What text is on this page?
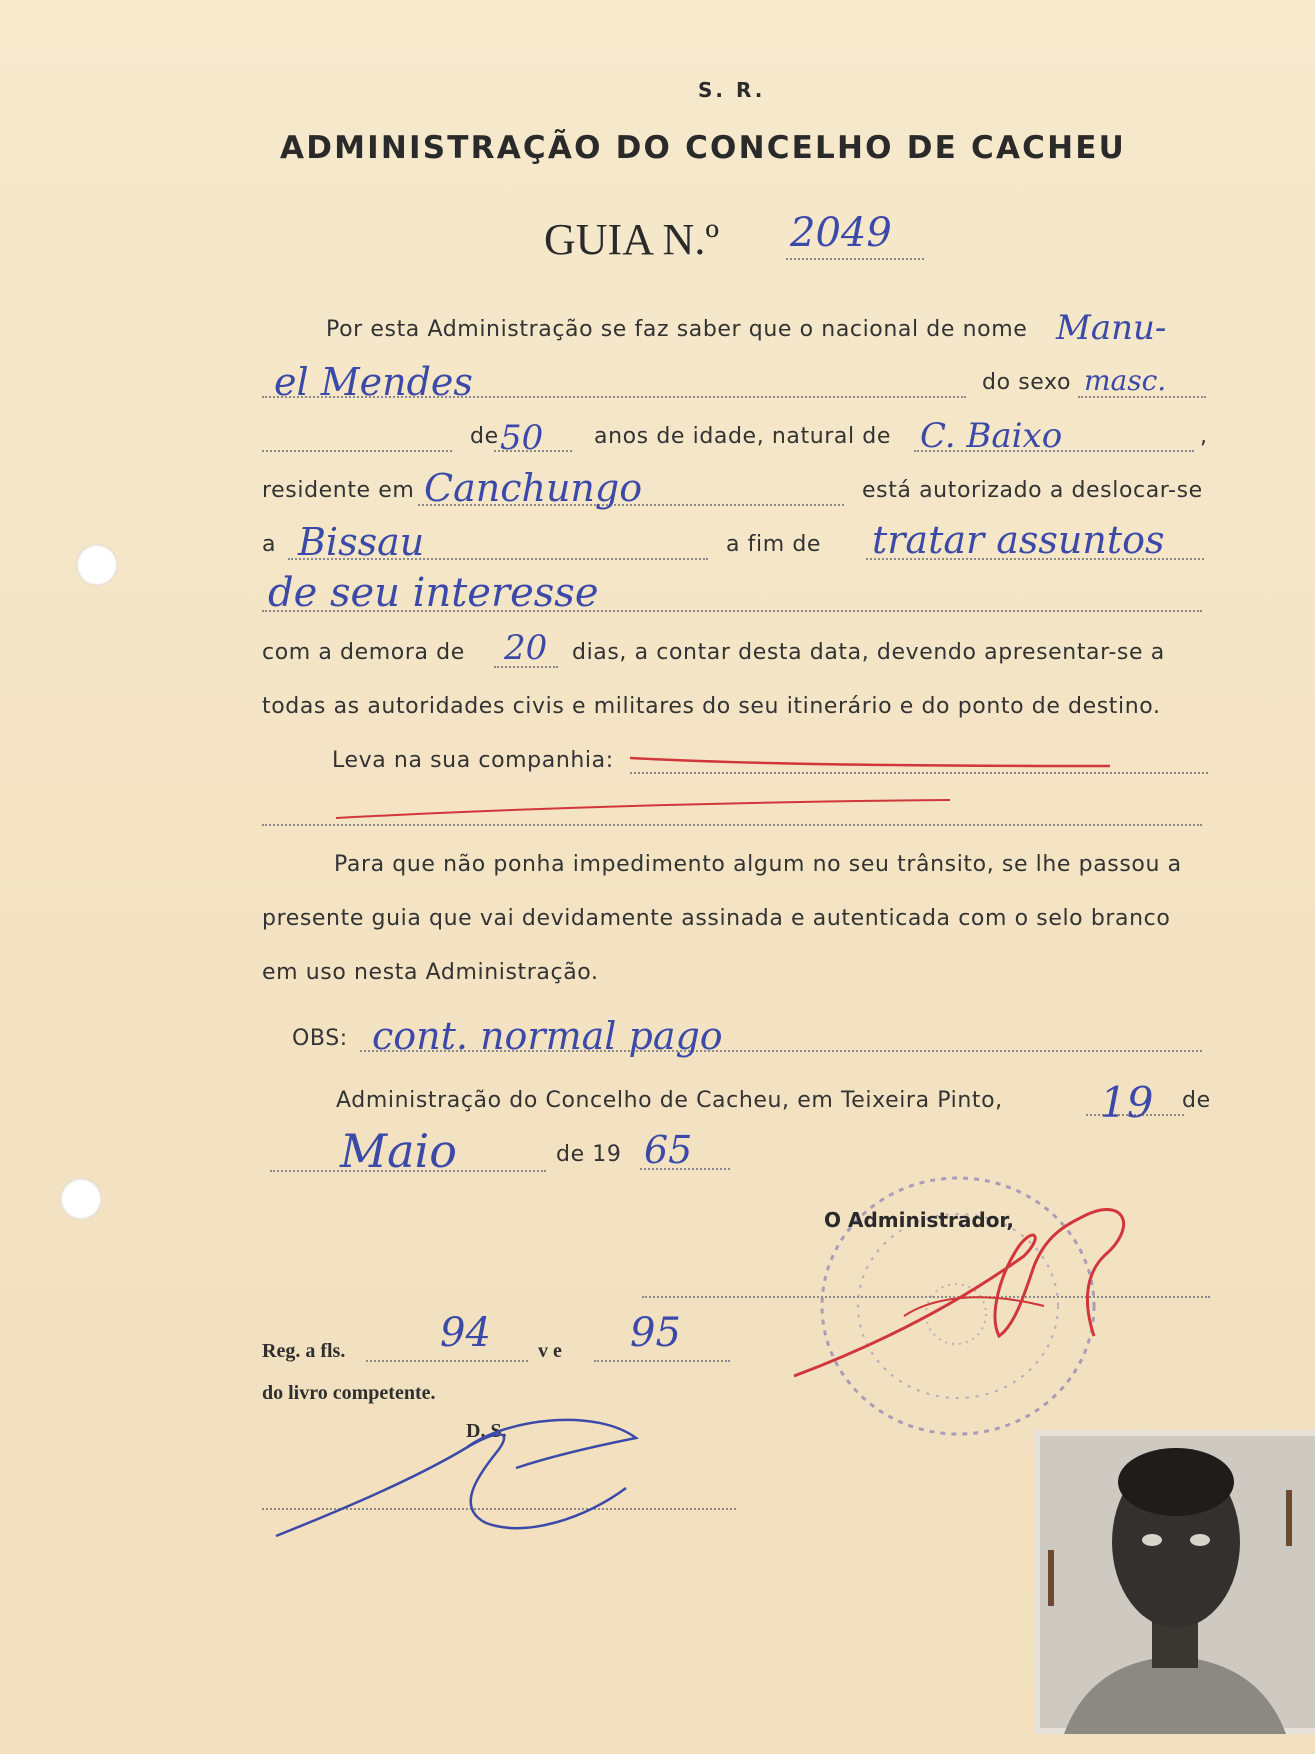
S. R.
ADMINISTRAÇÃO DO CONCELHO DE CACHEU
GUIA N.º 2049
Por esta Administração se faz saber que o nacional de nome Manu-
el Mendes	do sexo masc.
de 50 anos de idade, natural de C. Baixo	,
residente em Canchungo	está autorizado a deslocar-se
a Bissau	a fim de tratar assuntos
de seu interesse
com a demora de 20 dias, a contar desta data, devendo apresentar-se a
todas as autoridades civis e militares do seu itinerário e do ponto de destino.
Leva na sua companhia:
Para que não ponha impedimento algum no seu trânsito, se lhe passou a
presente guia que vai devidamente assinada e autenticada com o selo branco
em uso nesta Administração.
OBS: cont. normal pago
Administração do Concelho de Cacheu, em Teixeira Pinto, 19 de
Maio	de 19 65
O Administrador,
Reg. a fls. 94 v e 95
do livro competente.
D. S.
